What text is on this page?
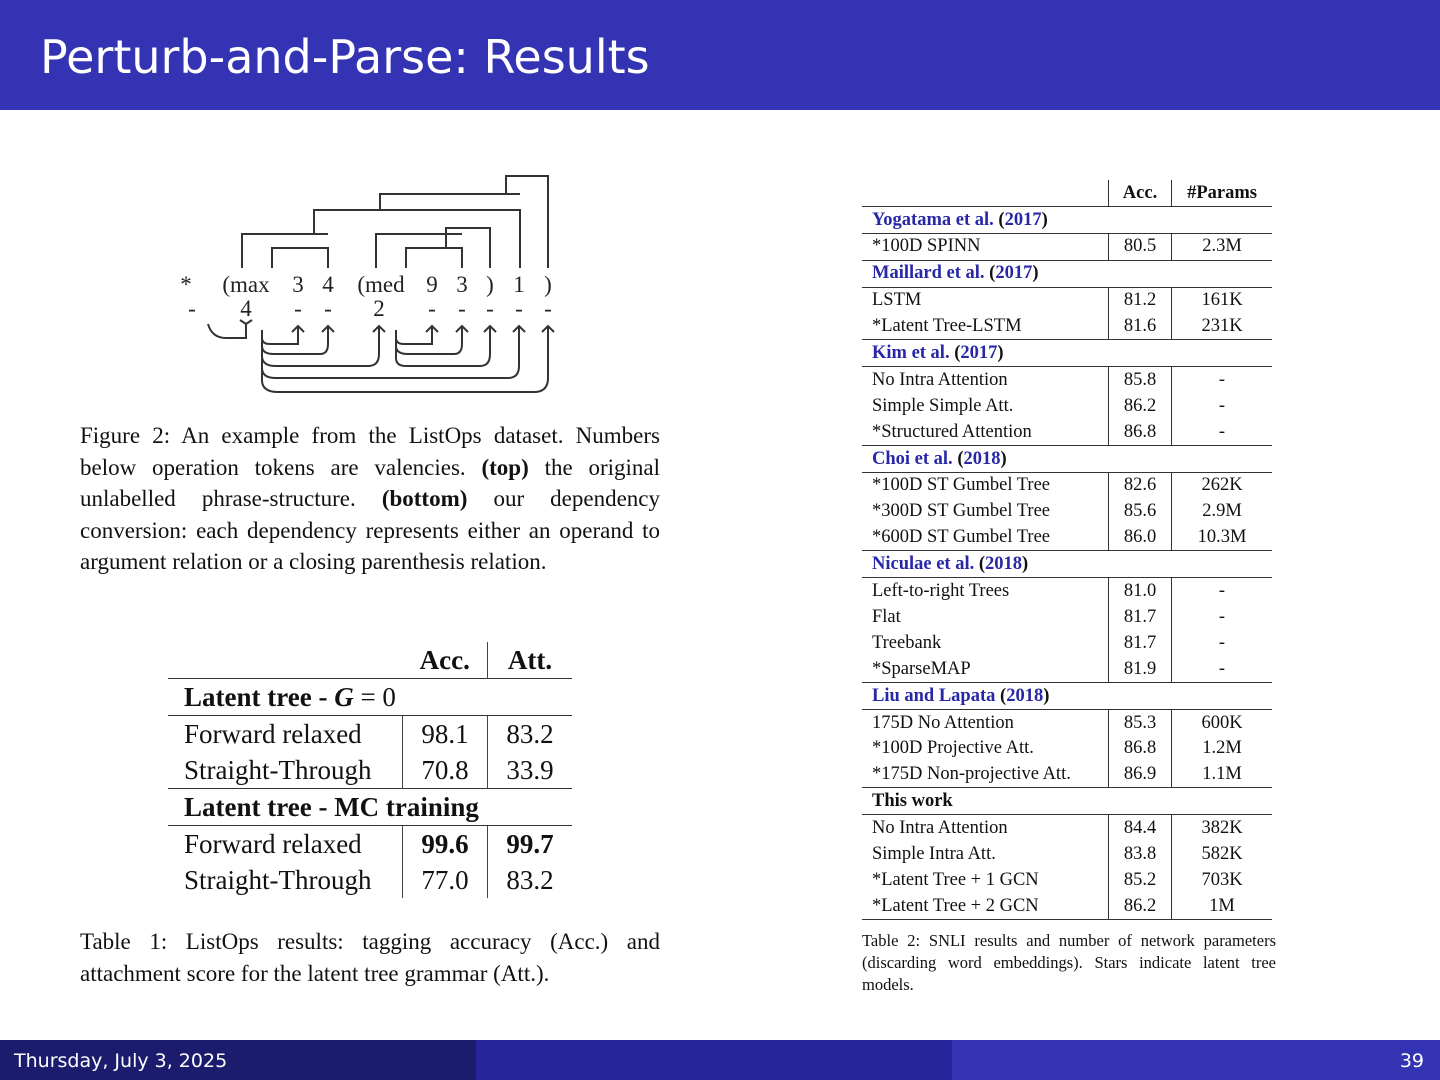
Perturb-and-Parse: Results
* (max 3 4 (med 9 3 ) 1 )
- 4 - - 2 - - - - -
Figure 2: An example from the ListOps dataset. Numbers below operation tokens are valencies. (top) the original unlabelled phrase-structure. (bottom) our dependency conversion: each dependency represents either an operand to argument relation or a closing parenthesis relation.
	Acc.	Att.
Latent tree - G = 0		
Forward relaxed	98.1	83.2
Straight-Through	70.8	33.9
Latent tree - MC training		
Forward relaxed	99.6	99.7
Straight-Through	77.0	83.2
Table 1: ListOps results: tagging accuracy (Acc.) and attachment score for the latent tree grammar (Att.).
	Acc.	#Params
Yogatama et al. (2017)		
*100D SPINN	80.5	2.3M
Maillard et al. (2017)		
LSTM	81.2	161K
*Latent Tree-LSTM	81.6	231K
Kim et al. (2017)		
No Intra Attention	85.8	-
Simple Simple Att.	86.2	-
*Structured Attention	86.8	-
Choi et al. (2018)		
*100D ST Gumbel Tree	82.6	262K
*300D ST Gumbel Tree	85.6	2.9M
*600D ST Gumbel Tree	86.0	10.3M
Niculae et al. (2018)		
Left-to-right Trees	81.0	-
Flat	81.7	-
Treebank	81.7	-
*SparseMAP	81.9	-
Liu and Lapata (2018)		
175D No Attention	85.3	600K
*100D Projective Att.	86.8	1.2M
*175D Non-projective Att.	86.9	1.1M
This work		
No Intra Attention	84.4	382K
Simple Intra Att.	83.8	582K
*Latent Tree + 1 GCN	85.2	703K
*Latent Tree + 2 GCN	86.2	1M
Table 2: SNLI results and number of network parameters (discarding word embeddings). Stars indicate latent tree models.
Thursday, July 3, 2025	39
